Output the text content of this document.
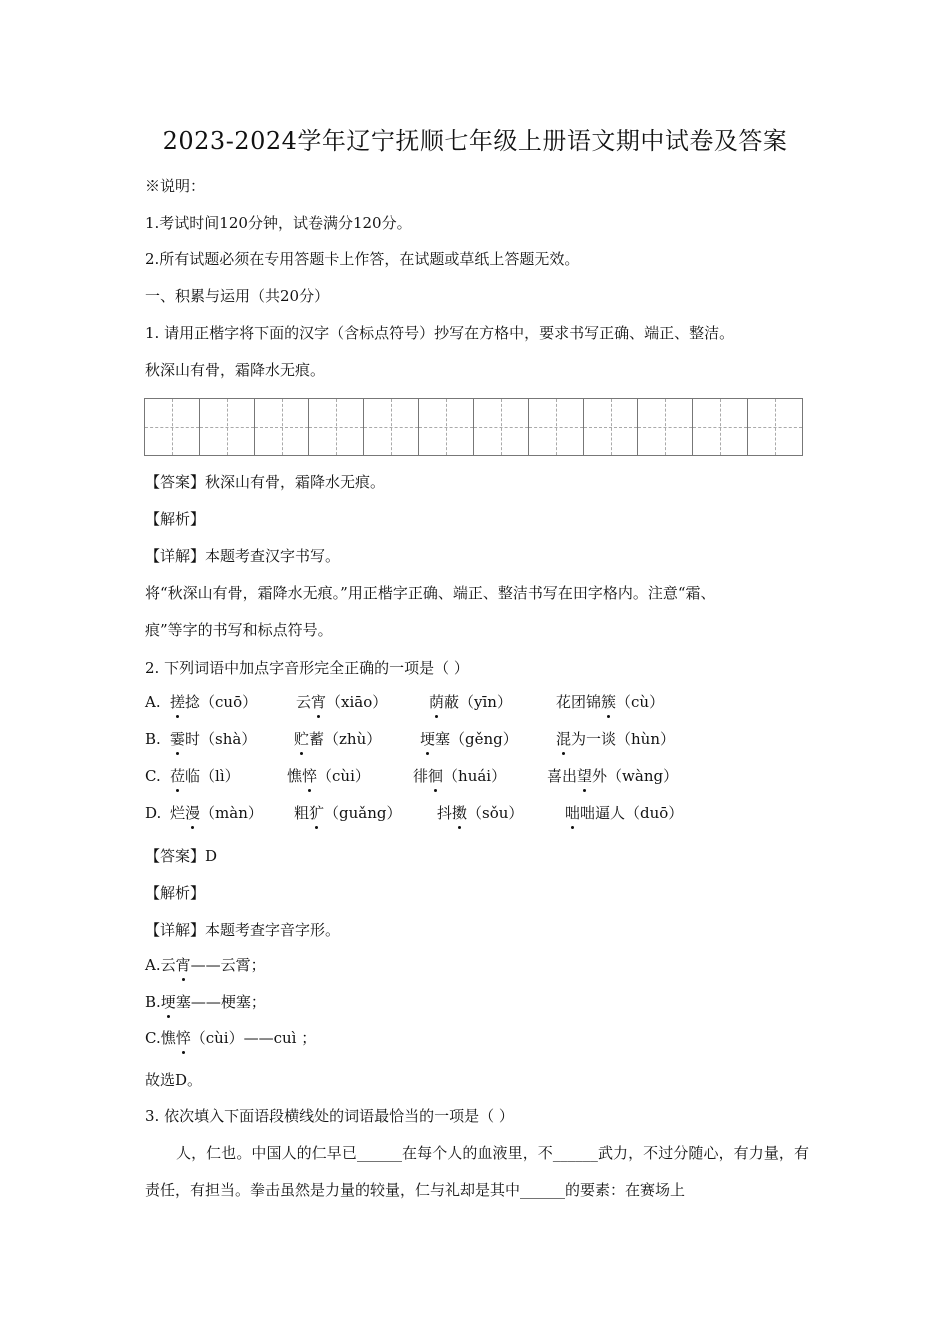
2023-2024学年辽宁抚顺七年级上册语文期中试卷及答案
※说明：
1.考试时间120分钟，试卷满分120分。
2.所有试题必须在专用答题卡上作答，在试题或草纸上答题无效。
一、积累与运用（共20分）
1. 请用正楷字将下面的汉字（含标点符号）抄写在方格中，要求书写正确、端正、整洁。
秋深山有骨，霜降水无痕。
【答案】秋深山有骨，霜降水无痕。
【解析】
【详解】本题考查汉字书写。
将“秋深山有骨，霜降水无痕。”用正楷字正确、端正、整洁书写在田字格内。注意“霜、
痕”等字的书写和标点符号。
2. 下列词语中加点字音形完全正确的一项是（ ）
A. 搓捻（cuō）	云宵（xiāo）	荫蔽（yīn）	花团锦簇（cù）
B. 霎时（shà）	贮蓄（zhù）	埂塞（gěng）	混为一谈（hùn）
C. 莅临（lì）	憔悴（cùi）	徘徊（huái）	喜出望外（wàng）
D. 烂漫（màn） 粗犷（guǎng） 抖擞（sǒu）	咄咄逼人（duō）
【答案】D
【解析】
【详解】本题考查字音字形。
A.云宵——云霄；
B.埂塞——梗塞；
C.憔悴（cùi）——cuì ；
故选D。
3. 依次填入下面语段横线处的词语最恰当的一项是（ ）
人，仁也。中国人的仁早已______在每个人的血液里，不______武力，不过分随心，有力量，有责任，有担当。拳击虽然是力量的较量，仁与礼却是其中______的要素：在赛场上
